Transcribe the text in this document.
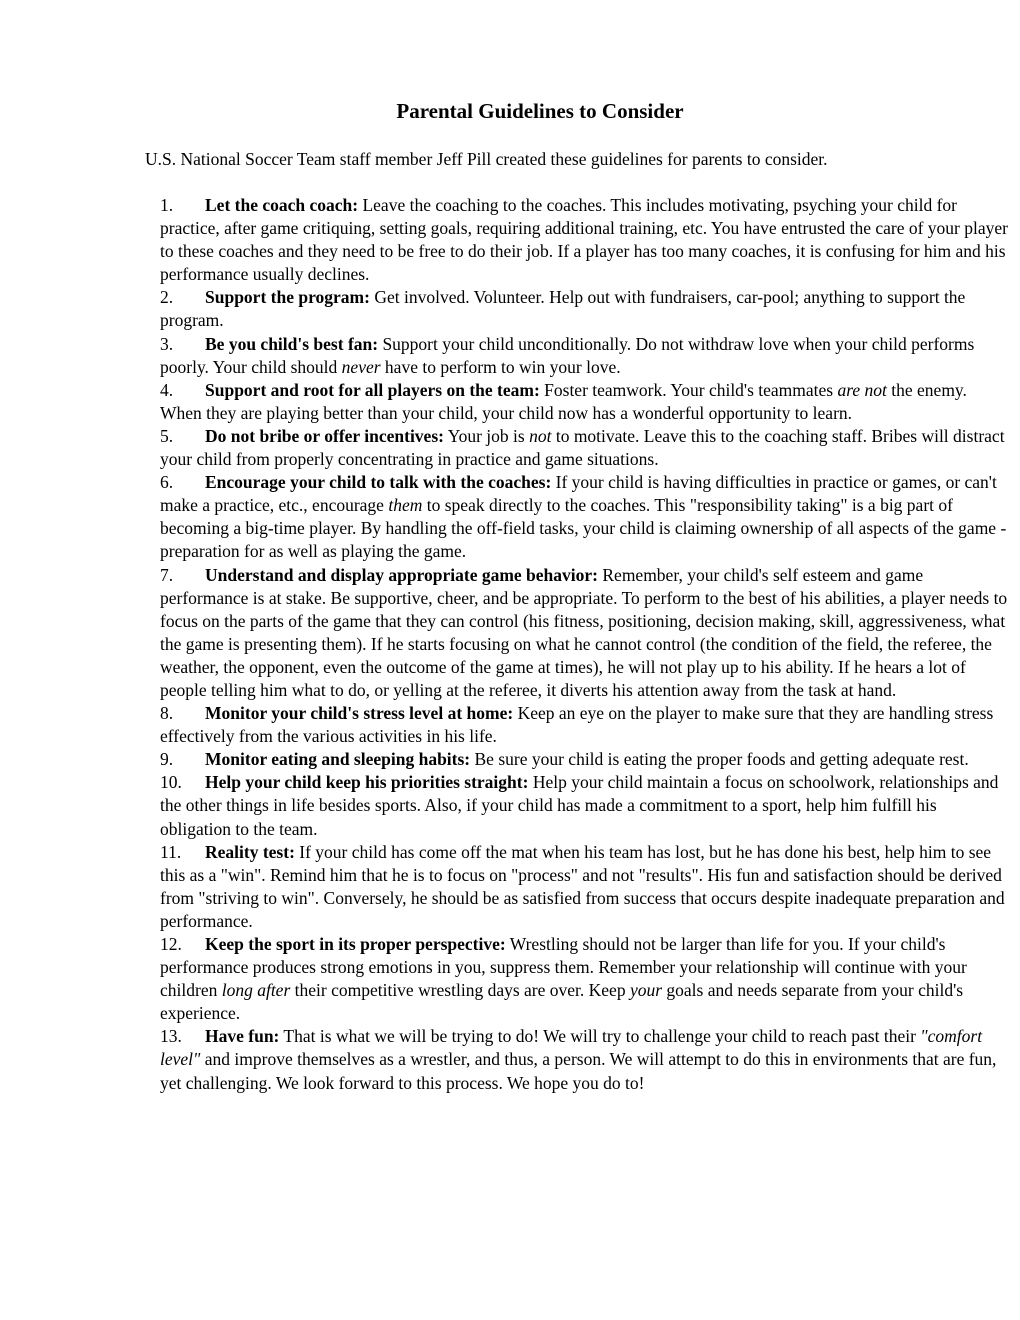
Parental Guidelines to Consider
U.S. National Soccer Team staff member Jeff Pill created these guidelines for parents to consider.
1. Let the coach coach: Leave the coaching to the coaches. This includes motivating, psyching your child for practice, after game critiquing, setting goals, requiring additional training, etc. You have entrusted the care of your player to these coaches and they need to be free to do their job. If a player has too many coaches, it is confusing for him and his performance usually declines.
2. Support the program: Get involved. Volunteer. Help out with fundraisers, car-pool; anything to support the program.
3. Be you child's best fan: Support your child unconditionally. Do not withdraw love when your child performs poorly. Your child should never have to perform to win your love.
4. Support and root for all players on the team: Foster teamwork. Your child's teammates are not the enemy. When they are playing better than your child, your child now has a wonderful opportunity to learn.
5. Do not bribe or offer incentives: Your job is not to motivate. Leave this to the coaching staff. Bribes will distract your child from properly concentrating in practice and game situations.
6. Encourage your child to talk with the coaches: If your child is having difficulties in practice or games, or can't make a practice, etc., encourage them to speak directly to the coaches. This "responsibility taking" is a big part of becoming a big-time player. By handling the off-field tasks, your child is claiming ownership of all aspects of the game - preparation for as well as playing the game.
7. Understand and display appropriate game behavior: Remember, your child's self esteem and game performance is at stake. Be supportive, cheer, and be appropriate. To perform to the best of his abilities, a player needs to focus on the parts of the game that they can control (his fitness, positioning, decision making, skill, aggressiveness, what the game is presenting them). If he starts focusing on what he cannot control (the condition of the field, the referee, the weather, the opponent, even the outcome of the game at times), he will not play up to his ability. If he hears a lot of people telling him what to do, or yelling at the referee, it diverts his attention away from the task at hand.
8. Monitor your child's stress level at home: Keep an eye on the player to make sure that they are handling stress effectively from the various activities in his life.
9. Monitor eating and sleeping habits: Be sure your child is eating the proper foods and getting adequate rest.
10. Help your child keep his priorities straight: Help your child maintain a focus on schoolwork, relationships and the other things in life besides sports. Also, if your child has made a commitment to a sport, help him fulfill his obligation to the team.
11. Reality test: If your child has come off the mat when his team has lost, but he has done his best, help him to see this as a "win". Remind him that he is to focus on "process" and not "results". His fun and satisfaction should be derived from "striving to win". Conversely, he should be as satisfied from success that occurs despite inadequate preparation and performance.
12. Keep the sport in its proper perspective: Wrestling should not be larger than life for you. If your child's performance produces strong emotions in you, suppress them. Remember your relationship will continue with your children long after their competitive wrestling days are over. Keep your goals and needs separate from your child's experience.
13. Have fun: That is what we will be trying to do! We will try to challenge your child to reach past their "comfort level" and improve themselves as a wrestler, and thus, a person. We will attempt to do this in environments that are fun, yet challenging. We look forward to this process. We hope you do to!
